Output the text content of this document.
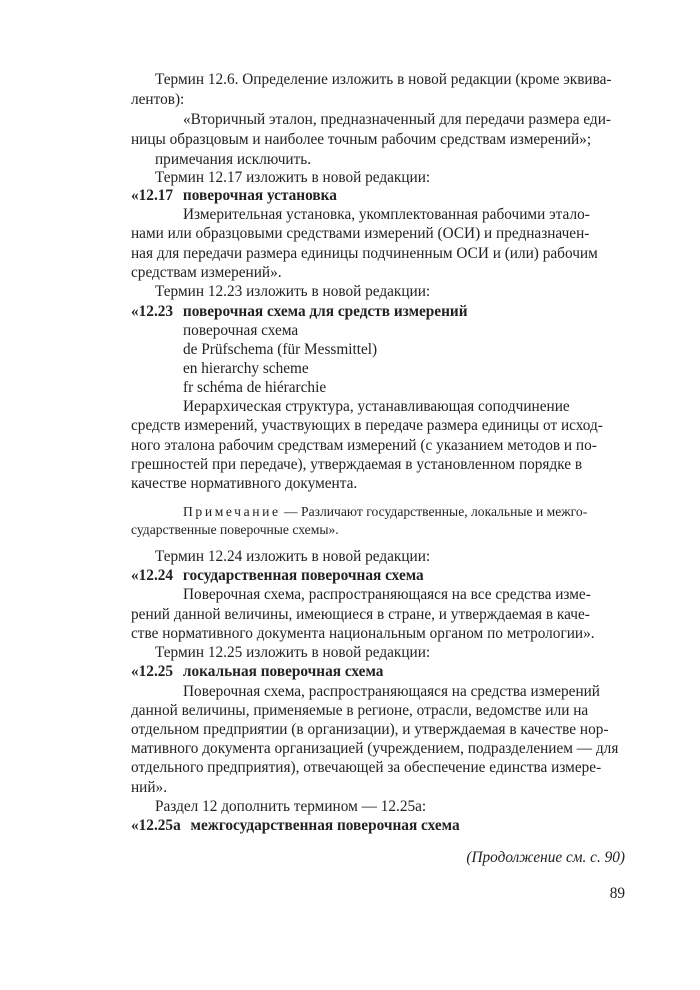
Термин 12.6. Определение изложить в новой редакции (кроме эквива-
лентов):
«Вторичный эталон, предназначенный для передачи размера еди-
ницы образцовым и наиболее точным рабочим средствам измерений»;
примечания исключить.
Термин 12.17 изложить в новой редакции:
«12.17 поверочная установка
Измерительная установка, укомплектованная рабочими этало-
нами или образцовыми средствами измерений (ОСИ) и предназначен-
ная для передачи размера единицы подчиненным ОСИ и (или) рабочим
средствам измерений».
Термин 12.23 изложить в новой редакции:
«12.23 поверочная схема для средств измерений
поверочная схема
de Prüfschema (für Messmittel)
en hierarchy scheme
fr schéma de hiérarchie
Иерархическая структура, устанавливающая соподчинение
средств измерений, участвующих в передаче размера единицы от исход-
ного эталона рабочим средствам измерений (с указанием методов и по-
грешностей при передаче), утверждаемая в установленном порядке в
качестве нормативного документа.
Примечание — Различают государственные, локальные и межго-
сударственные поверочные схемы».
Термин 12.24 изложить в новой редакции:
«12.24 государственная поверочная схема
Поверочная схема, распространяющаяся на все средства изме-
рений данной величины, имеющиеся в стране, и утверждаемая в каче-
стве нормативного документа национальным органом по метрологии».
Термин 12.25 изложить в новой редакции:
«12.25 локальная поверочная схема
Поверочная схема, распространяющаяся на средства измерений
данной величины, применяемые в регионе, отрасли, ведомстве или на
отдельном предприятии (в организации), и утверждаемая в качестве нор-
мативного документа организацией (учреждением, подразделением — для
отдельного предприятия), отвечающей за обеспечение единства измере-
ний».
Раздел 12 дополнить термином — 12.25а:
«12.25а межгосударственная поверочная схема
(Продолжение см. с. 90)
89
